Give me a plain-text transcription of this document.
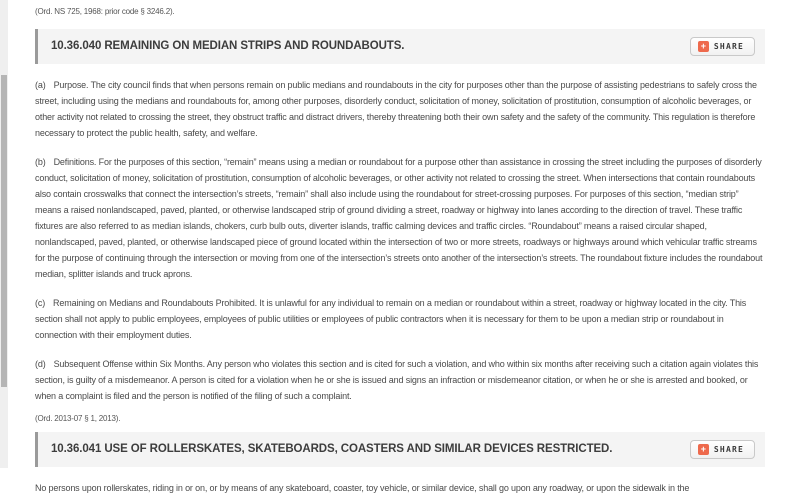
(Ord. NS 725, 1968: prior code § 3246.2).
10.36.040 REMAINING ON MEDIAN STRIPS AND ROUNDABOUTS.	+ SHARE

(a) Purpose. The city council finds that when persons remain on public medians and roundabouts in the city for purposes other than the purpose of assisting pedestrians to safely cross the street, including using the medians and roundabouts for, among other purposes, disorderly conduct, solicitation of money, solicitation of prostitution, consumption of alcoholic beverages, or other activity not related to crossing the street, they obstruct traffic and distract drivers, thereby threatening both their own safety and the safety of the community. This regulation is therefore necessary to protect the public health, safety, and welfare.

(b) Definitions. For the purposes of this section, “remain” means using a median or roundabout for a purpose other than assistance in crossing the street including the purposes of disorderly conduct, solicitation of money, solicitation of prostitution, consumption of alcoholic beverages, or other activity not related to crossing the street. When intersections that contain roundabouts also contain crosswalks that connect the intersection’s streets, “remain” shall also include using the roundabout for street-crossing purposes. For purposes of this section, “median strip” means a raised nonlandscaped, paved, planted, or otherwise landscaped strip of ground dividing a street, roadway or highway into lanes according to the direction of travel. These traffic fixtures are also referred to as median islands, chokers, curb bulb outs, diverter islands, traffic calming devices and traffic circles. “Roundabout” means a raised circular shaped, nonlandscaped, paved, planted, or otherwise landscaped piece of ground located within the intersection of two or more streets, roadways or highways around which vehicular traffic streams for the purpose of continuing through the intersection or moving from one of the intersection’s streets onto another of the intersection’s streets. The roundabout fixture includes the roundabout median, splitter islands and truck aprons.

(c) Remaining on Medians and Roundabouts Prohibited. It is unlawful for any individual to remain on a median or roundabout within a street, roadway or highway located in the city. This section shall not apply to public employees, employees of public utilities or employees of public contractors when it is necessary for them to be upon a median strip or roundabout in connection with their employment duties.

(d) Subsequent Offense within Six Months. Any person who violates this section and is cited for such a violation, and who within six months after receiving such a citation again violates this section, is guilty of a misdemeanor. A person is cited for a violation when he or she is issued and signs an infraction or misdemeanor citation, or when he or she is arrested and booked, or when a complaint is filed and the person is notified of the filing of such a complaint.

(Ord. 2013-07 § 1, 2013).
10.36.041 USE OF ROLLERSKATES, SKATEBOARDS, COASTERS AND SIMILAR DEVICES RESTRICTED.	+ SHARE

No persons upon rollerskates, riding in or on, or by means of any skateboard, coaster, toy vehicle, or similar device, shall go upon any roadway, or upon the sidewalk in the
